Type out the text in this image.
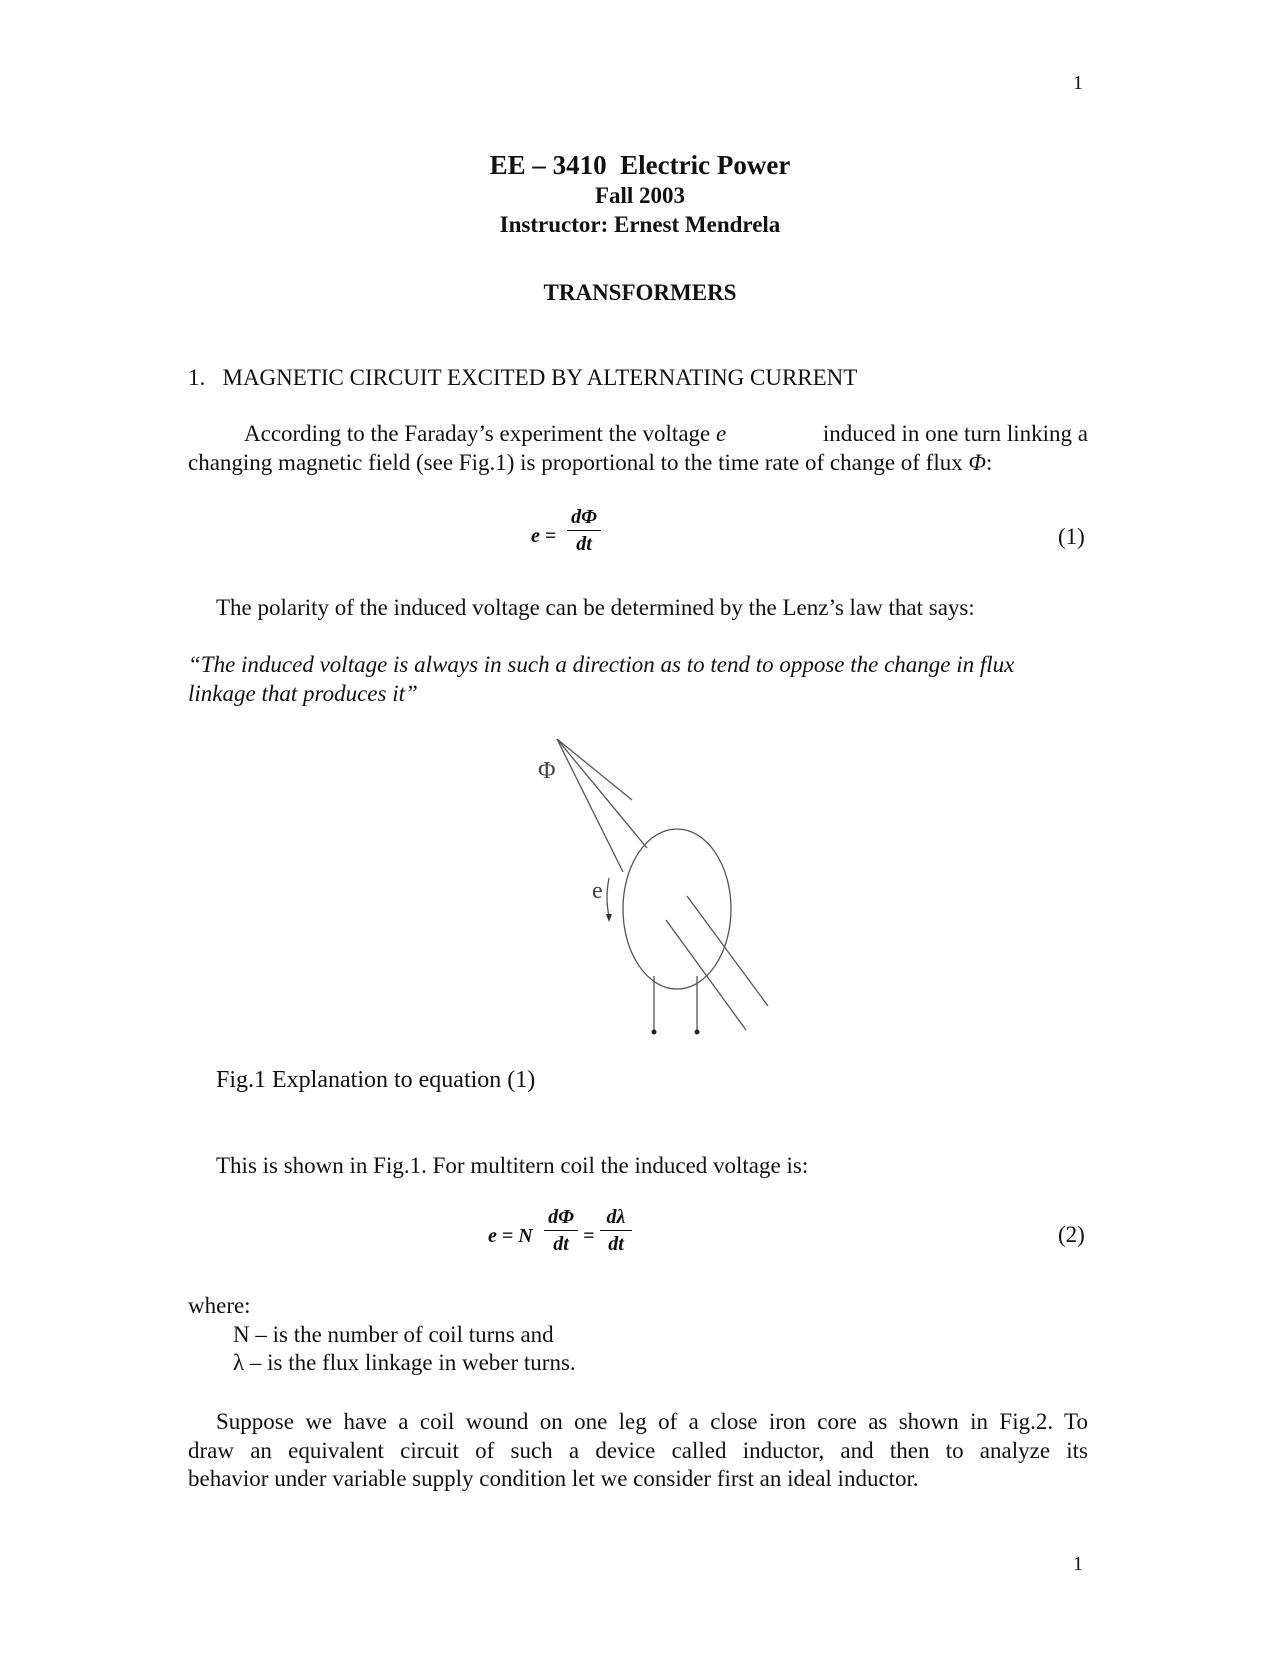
1
1
EE – 3410  Electric Power
Fall 2003
Instructor: Ernest Mendrela
TRANSFORMERS
1.   MAGNETIC CIRCUIT EXCITED BY ALTERNATING CURRENT
According to the Faraday’s experiment the voltage e	induced in one turn linking a
changing magnetic field (see Fig.1) is proportional to the time rate of change of flux Φ:
e =
dΦ
dt	(1)
The polarity of the induced voltage can be determined by the Lenz’s law that says:
“The induced voltage is always in such a direction as to tend to oppose the change in flux
linkage that produces it”
Φ
e
Fig.1 Explanation to equation (1)
This is shown in Fig.1. For multitern coil the induced voltage is:
e = N
dΦ
dt =
dλ
dt	(2)
where:
N – is the number of coil turns and
λ – is the flux linkage in weber turns.
Suppose we have a coil wound on one leg of a close iron core as shown in Fig.2. To
draw an equivalent circuit of such a device called inductor, and then to analyze its
behavior under variable supply condition let we consider first an ideal inductor.
